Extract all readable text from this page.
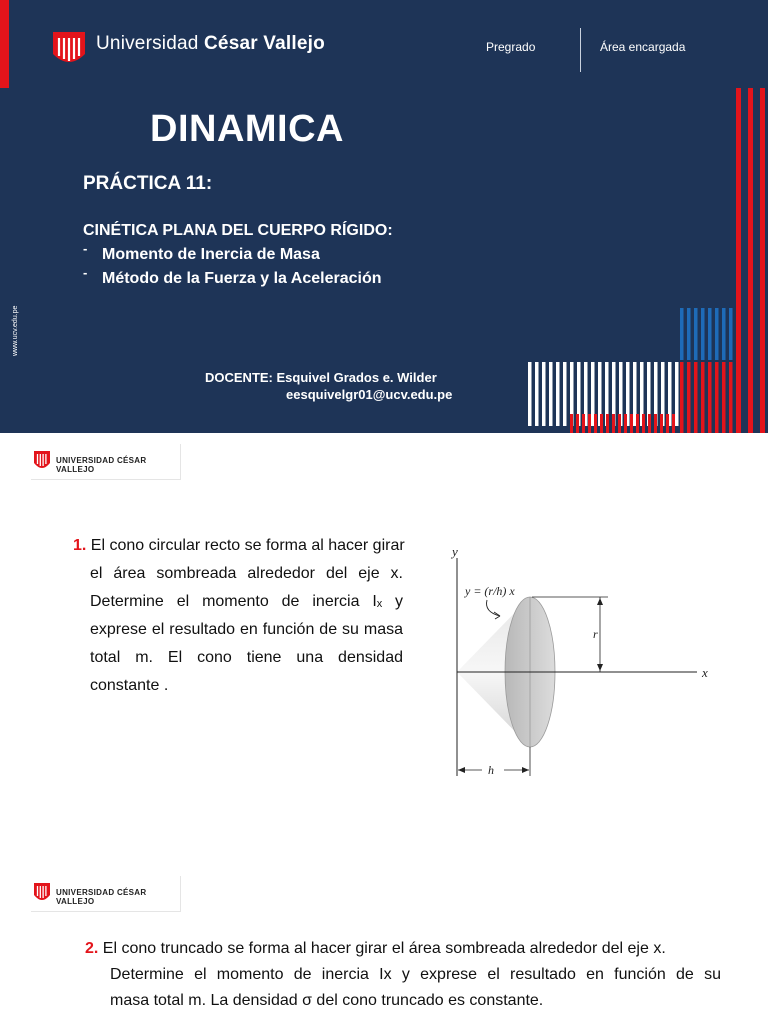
Universidad César Vallejo	Pregrado	Área encargada
www.ucv.edu.pe
DINAMICA
PRÁCTICA 11:
CINÉTICA PLANA DEL CUERPO RÍGIDO:
- Momento de Inercia de Masa
- Método de la Fuerza y la Aceleración
DOCENTE: Esquivel Grados e. Wilder
eesquivelgr01@ucv.edu.pe
UNIVERSIDAD CÉSAR VALLEJO
1. El cono circular recto se forma al hacer girar
el área sombreada alrededor del eje x.
Determine el momento de inercia Iₓ y
exprese el resultado en función de su masa
total m. El cono tiene una densidad
constante .
y
x
y = (r/h) x
r
h
UNIVERSIDAD CÉSAR VALLEJO
2. El cono truncado se forma al hacer girar el área sombreada alrededor del eje x.
Determine el momento de inercia Ix y exprese el resultado en función de su
masa total m. La densidad σ del cono truncado es constante.
